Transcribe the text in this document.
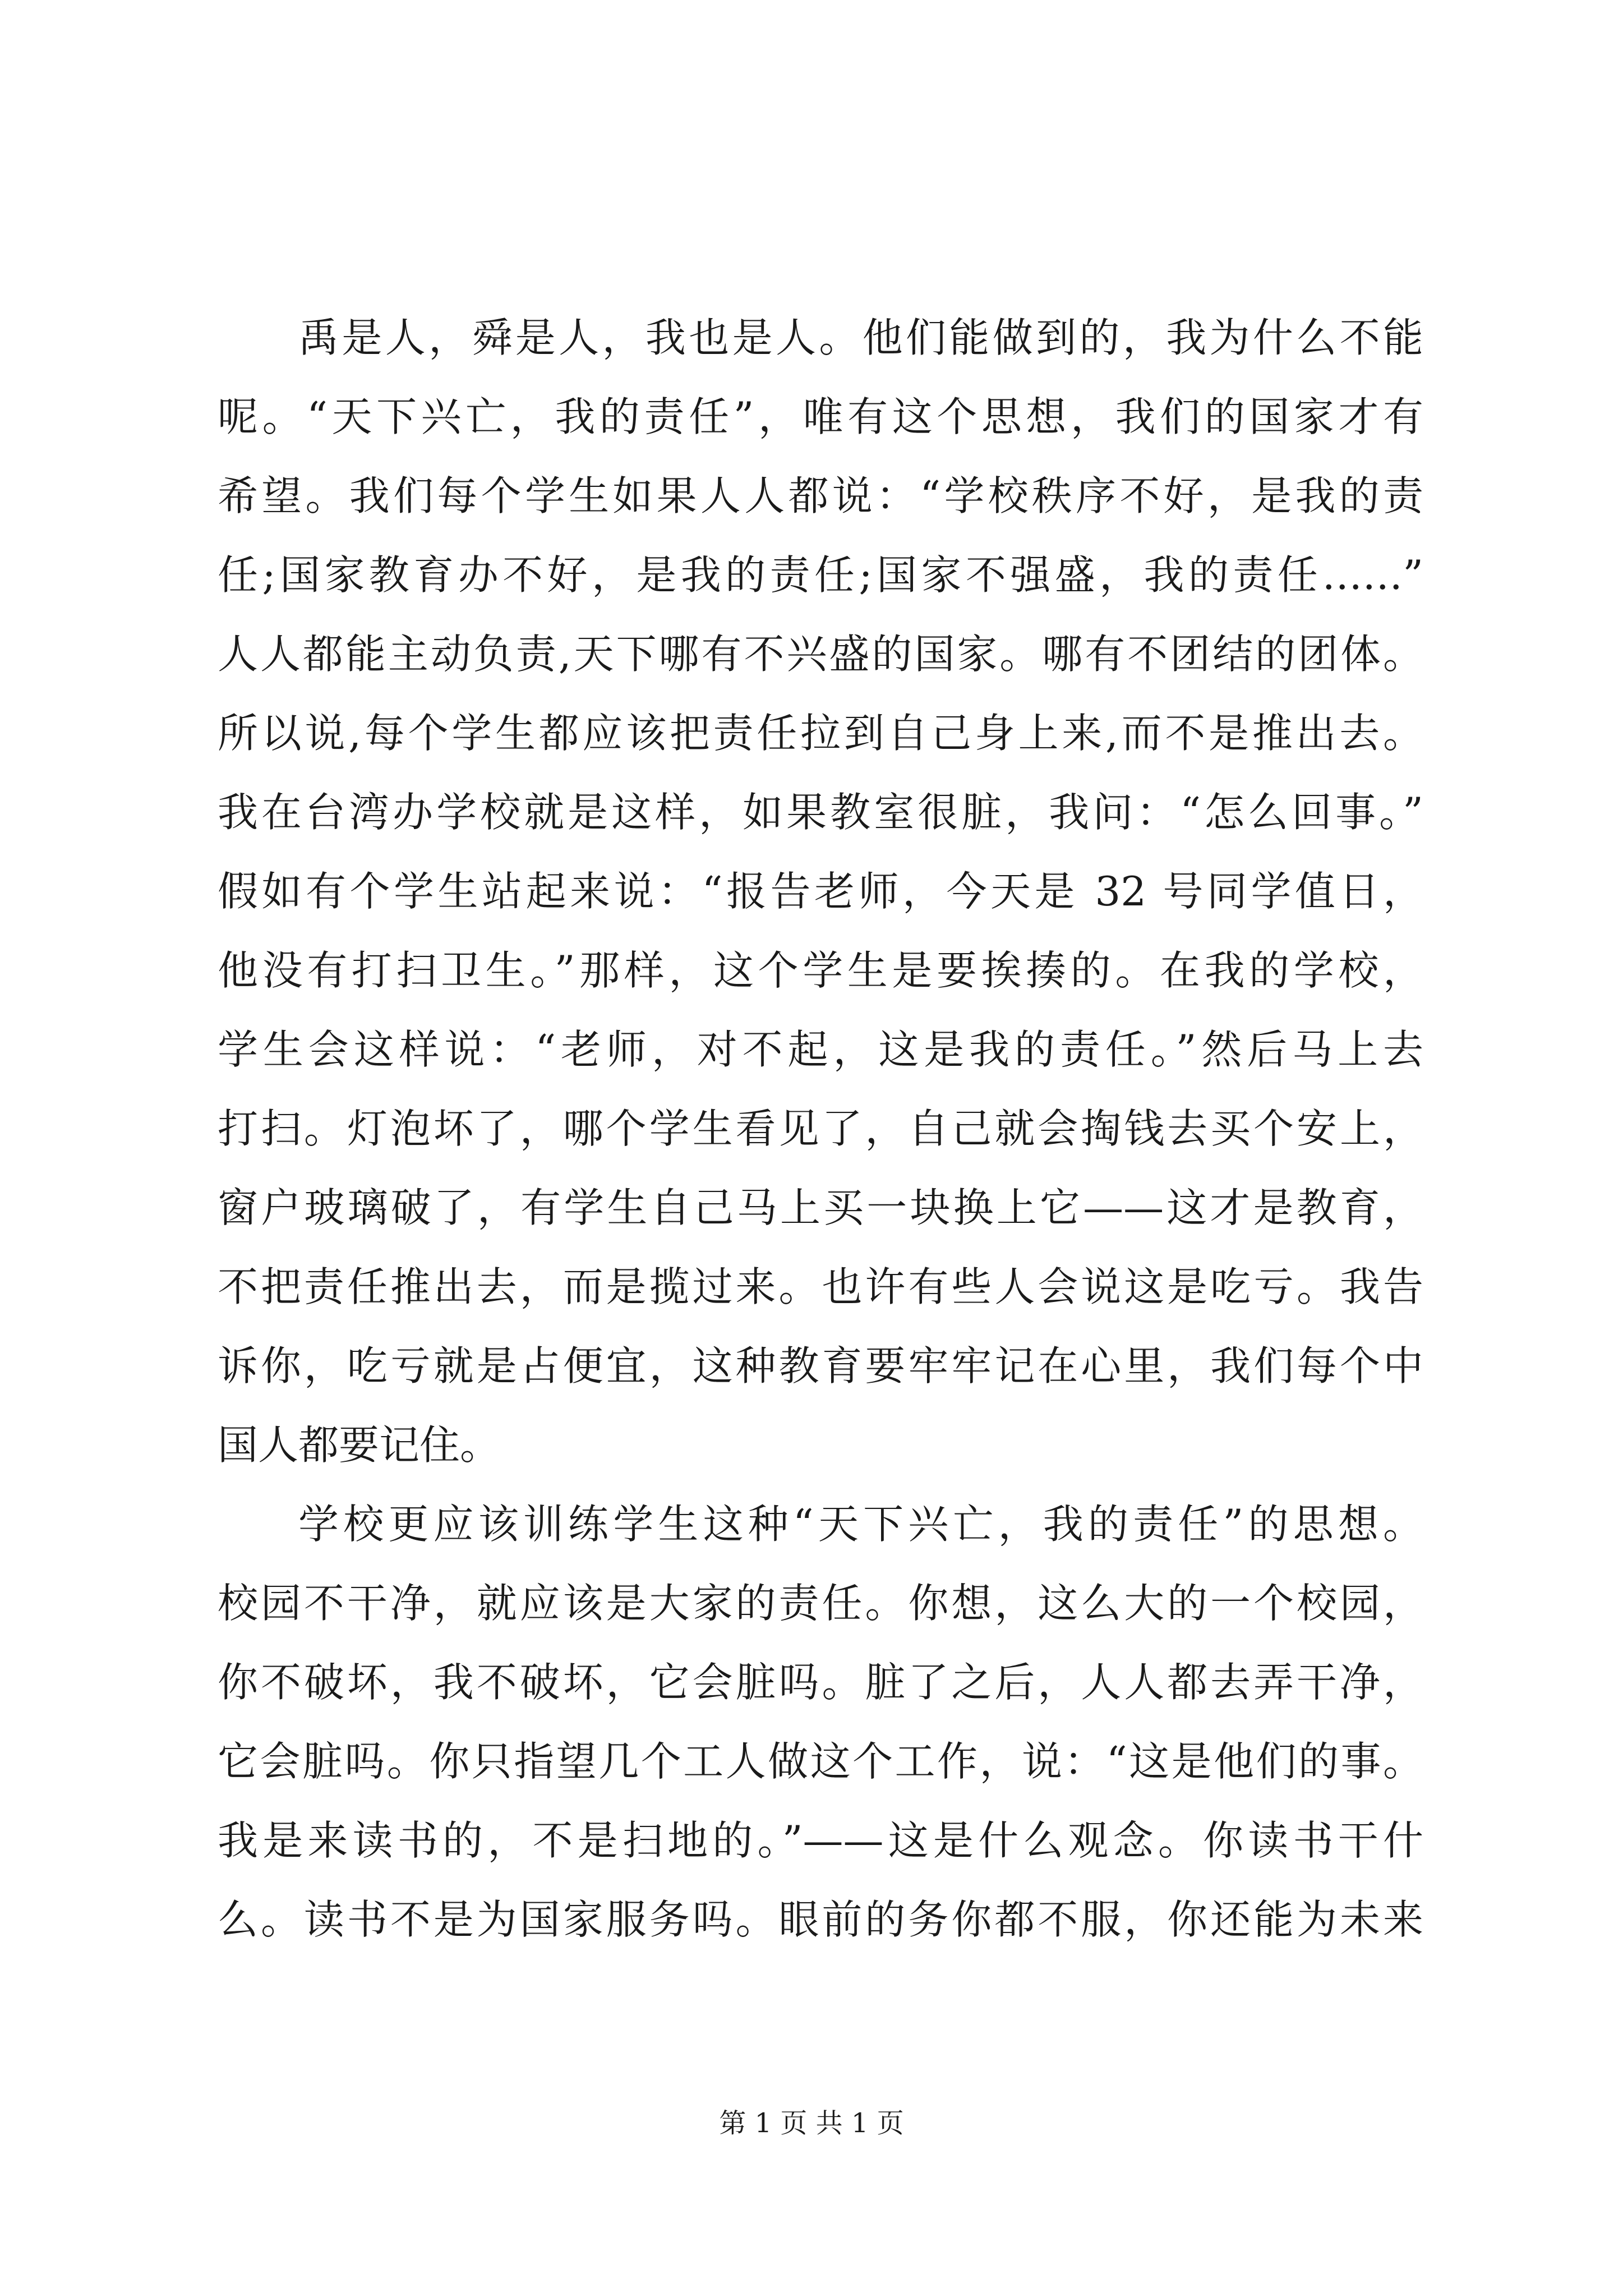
禹是人，舜是人，我也是人。他们能做到的，我为什么不能
呢。“天下兴亡，我的责任”，唯有这个思想，我们的国家才有
希望。我们每个学生如果人人都说：“学校秩序不好，是我的责
任;国家教育办不好，是我的责任;国家不强盛，我的责任……”
人人都能主动负责,天下哪有不兴盛的国家。哪有不团结的团体。
所以说,每个学生都应该把责任拉到自己身上来,而不是推出去。
我在台湾办学校就是这样，如果教室很脏，我问：“怎么回事。”
假如有个学生站起来说：“报告老师，今天是 32 号同学值日，
他没有打扫卫生。”那样，这个学生是要挨揍的。在我的学校，
学生会这样说：“老师，对不起，这是我的责任。”然后马上去
打扫。灯泡坏了，哪个学生看见了，自己就会掏钱去买个安上，
窗户玻璃破了，有学生自己马上买一块换上它——这才是教育，
不把责任推出去，而是揽过来。也许有些人会说这是吃亏。我告
诉你，吃亏就是占便宜，这种教育要牢牢记在心里，我们每个中
国人都要记住。
学校更应该训练学生这种“天下兴亡，我的责任”的思想。
校园不干净，就应该是大家的责任。你想，这么大的一个校园，
你不破坏，我不破坏，它会脏吗。脏了之后，人人都去弄干净，
它会脏吗。你只指望几个工人做这个工作，说：“这是他们的事。
我是来读书的，不是扫地的。”——这是什么观念。你读书干什
么。读书不是为国家服务吗。眼前的务你都不服，你还能为未来
第 1 页 共 1 页
